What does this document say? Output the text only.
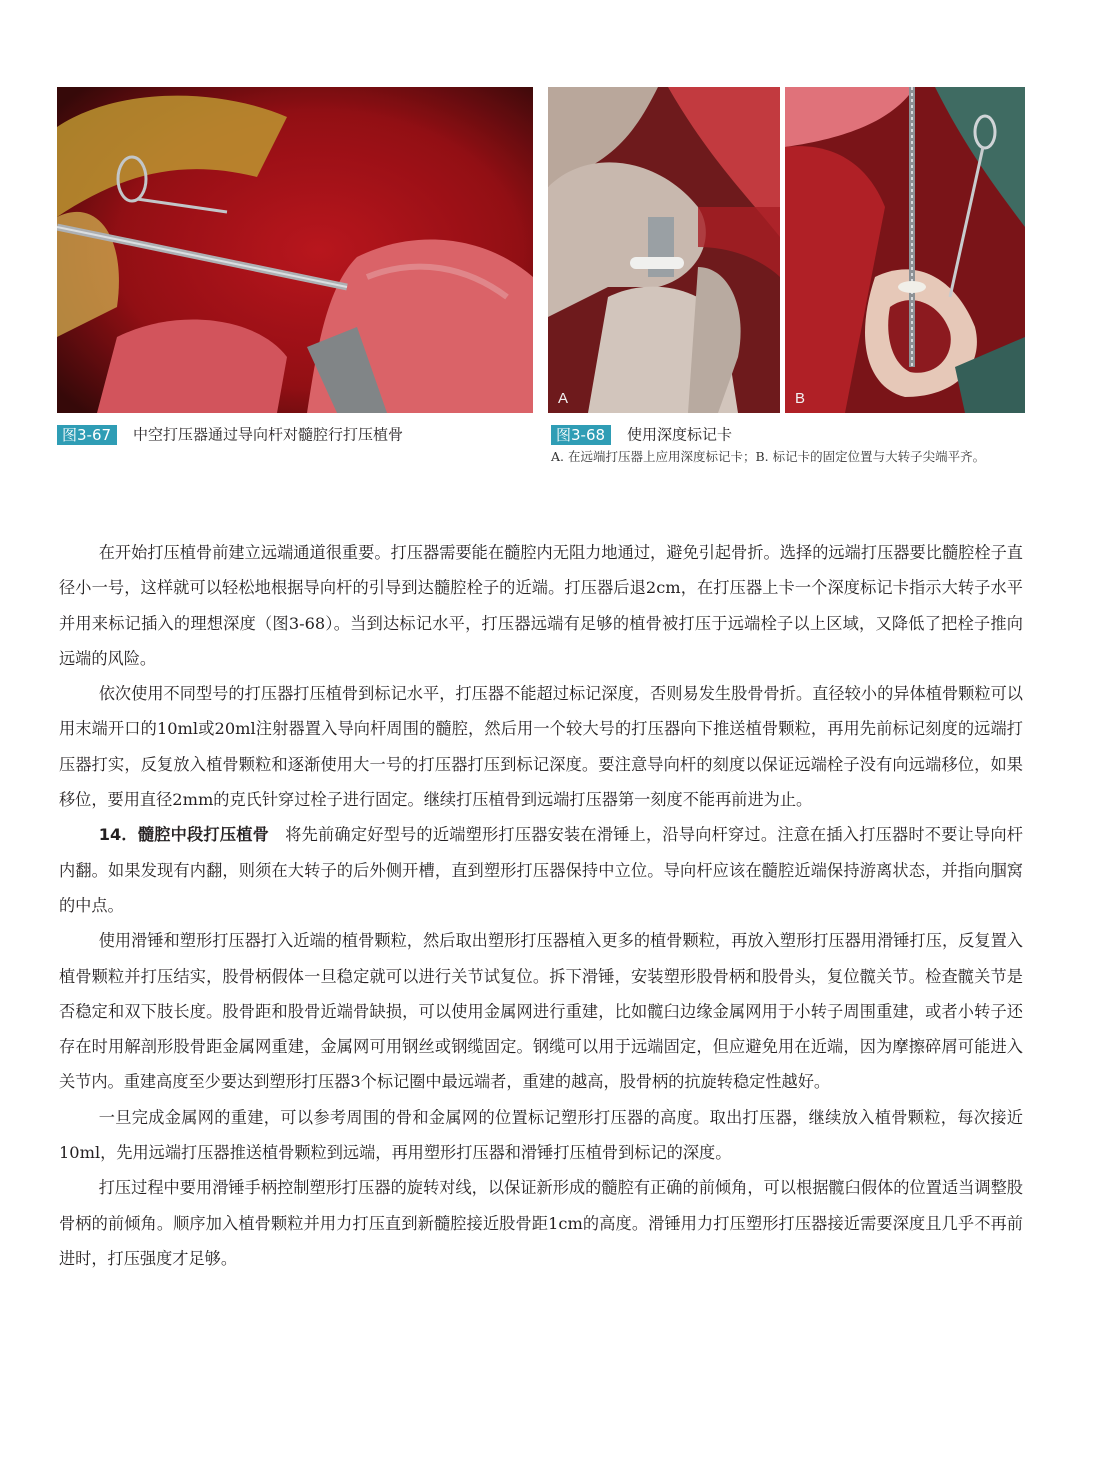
A	B
图3-67 中空打压器通过导向杆对髓腔行打压植骨	图3-68 使用深度标记卡
A. 在远端打压器上应用深度标记卡；B. 标记卡的固定位置与大转子尖端平齐。

在开始打压植骨前建立远端通道很重要。打压器需要能在髓腔内无阻力地通过，避免引起骨折。选择的远端打压器要比髓腔栓子直径小一号，这样就可以轻松地根据导向杆的引导到达髓腔栓子的近端。打压器后退2cm，在打压器上卡一个深度标记卡指示大转子水平并用来标记插入的理想深度（图3-68）。当到达标记水平，打压器远端有足够的植骨被打压于远端栓子以上区域，又降低了把栓子推向远端的风险。

依次使用不同型号的打压器打压植骨到标记水平，打压器不能超过标记深度，否则易发生股骨骨折。直径较小的异体植骨颗粒可以用末端开口的10ml或20ml注射器置入导向杆周围的髓腔，然后用一个较大号的打压器向下推送植骨颗粒，再用先前标记刻度的远端打压器打实，反复放入植骨颗粒和逐渐使用大一号的打压器打压到标记深度。要注意导向杆的刻度以保证远端栓子没有向远端移位，如果移位，要用直径2mm的克氏针穿过栓子进行固定。继续打压植骨到远端打压器第一刻度不能再前进为止。

14．髓腔中段打压植骨 将先前确定好型号的近端塑形打压器安装在滑锤上，沿导向杆穿过。注意在插入打压器时不要让导向杆内翻。如果发现有内翻，则须在大转子的后外侧开槽，直到塑形打压器保持中立位。导向杆应该在髓腔近端保持游离状态，并指向腘窝的中点。

使用滑锤和塑形打压器打入近端的植骨颗粒，然后取出塑形打压器植入更多的植骨颗粒，再放入塑形打压器用滑锤打压，反复置入植骨颗粒并打压结实，股骨柄假体一旦稳定就可以进行关节试复位。拆下滑锤，安装塑形股骨柄和股骨头，复位髋关节。检查髋关节是否稳定和双下肢长度。股骨距和股骨近端骨缺损，可以使用金属网进行重建，比如髋臼边缘金属网用于小转子周围重建，或者小转子还存在时用解剖形股骨距金属网重建，金属网可用钢丝或钢缆固定。钢缆可以用于远端固定，但应避免用在近端，因为摩擦碎屑可能进入关节内。重建高度至少要达到塑形打压器3个标记圈中最远端者，重建的越高，股骨柄的抗旋转稳定性越好。

一旦完成金属网的重建，可以参考周围的骨和金属网的位置标记塑形打压器的高度。取出打压器，继续放入植骨颗粒，每次接近10ml，先用远端打压器推送植骨颗粒到远端，再用塑形打压器和滑锤打压植骨到标记的深度。

打压过程中要用滑锤手柄控制塑形打压器的旋转对线，以保证新形成的髓腔有正确的前倾角，可以根据髋臼假体的位置适当调整股骨柄的前倾角。顺序加入植骨颗粒并用力打压直到新髓腔接近股骨距1cm的高度。滑锤用力打压塑形打压器接近需要深度且几乎不再前进时，打压强度才足够。
